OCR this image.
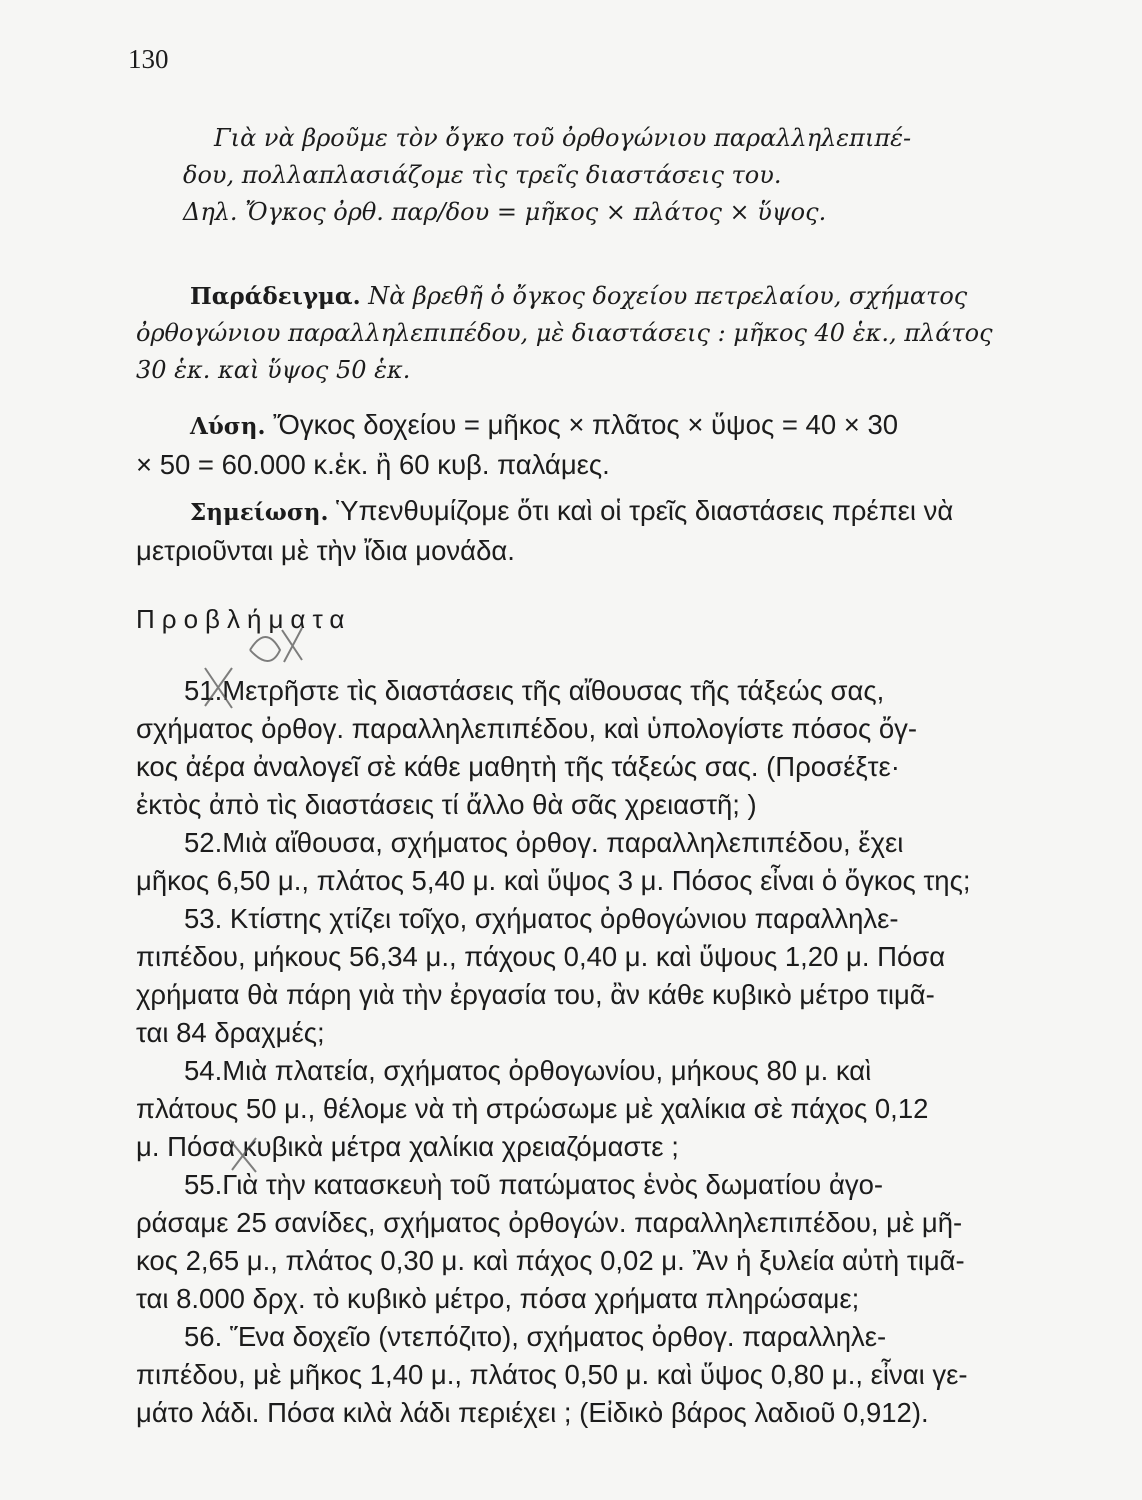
130
Γιὰ νὰ βροῦμε τὸν ὄγκο τοῦ ὀρθογώνιου παραλληλεπιπέ-
δου, πολλαπλασιάζομε τὶς τρεῖς διαστάσεις του.
Δηλ. Ὄγκος ὀρθ. παρ/δου = μῆκος × πλάτος × ὕψος.
Παράδειγμα. Νὰ βρεθῆ ὁ ὄγκος δοχείου πετρελαίου, σχήματος
ὀρθογώνιου παραλληλεπιπέδου, μὲ διαστάσεις : μῆκος 40 ἑκ., πλάτος
30 ἑκ. καὶ ὕψος 50 ἑκ.
Λύση. Ὄγκος δοχείου = μῆκος × πλᾶτος × ὕψος = 40 × 30
× 50 = 60.000 κ.ἑκ. ἢ 60 κυβ. παλάμες.
Σημείωση. Ὑπενθυμίζομε ὅτι καὶ οἱ τρεῖς διαστάσεις πρέπει νὰ
μετριοῦνται μὲ τὴν ἴδια μονάδα.
Προβλήματα
51.Μετρῆστε τὶς διαστάσεις τῆς αἴθουσας τῆς τάξεώς σας,
σχήματος ὀρθογ. παραλληλεπιπέδου, καὶ ὑπολογίστε πόσος ὄγ-
κος ἀέρα ἀναλογεῖ σὲ κάθε μαθητὴ τῆς τάξεώς σας. (Προσέξτε·
ἐκτὸς ἀπὸ τὶς διαστάσεις τί ἄλλο θὰ σᾶς χρειαστῆ; )
52.Μιὰ αἴθουσα, σχήματος ὀρθογ. παραλληλεπιπέδου, ἔχει
μῆκος 6,50 μ., πλάτος 5,40 μ. καὶ ὕψος 3 μ. Πόσος εἶναι ὁ ὄγκος της;
53. Κτίστης χτίζει τοῖχο, σχήματος ὀρθογώνιου παραλληλε-
πιπέδου, μήκους 56,34 μ., πάχους 0,40 μ. καὶ ὕψους 1,20 μ. Πόσα
χρήματα θὰ πάρη γιὰ τὴν ἐργασία του, ἂν κάθε κυβικὸ μέτρο τιμᾶ-
ται 84 δραχμές;
54.Μιὰ πλατεία, σχήματος ὀρθογωνίου, μήκους 80 μ. καὶ
πλάτους 50 μ., θέλομε νὰ τὴ στρώσωμε μὲ χαλίκια σὲ πάχος 0,12
μ. Πόσα κυβικὰ μέτρα χαλίκια χρειαζόμαστε ;
55.Γιὰ τὴν κατασκευὴ τοῦ πατώματος ἑνὸς δωματίου ἀγο-
ράσαμε 25 σανίδες, σχήματος ὀρθογών. παραλληλεπιπέδου, μὲ μῆ-
κος 2,65 μ., πλάτος 0,30 μ. καὶ πάχος 0,02 μ. Ἂν ἡ ξυλεία αὐτὴ τιμᾶ-
ται 8.000 δρχ. τὸ κυβικὸ μέτρο, πόσα χρήματα πληρώσαμε;
56. Ἕνα δοχεῖο (ντεπόζιτο), σχήματος ὀρθογ. παραλληλε-
πιπέδου, μὲ μῆκος 1,40 μ., πλάτος 0,50 μ. καὶ ὕψος 0,80 μ., εἶναι γε-
μάτο λάδι. Πόσα κιλὰ λάδι περιέχει ; (Εἰδικὸ βάρος λαδιοῦ 0,912).
